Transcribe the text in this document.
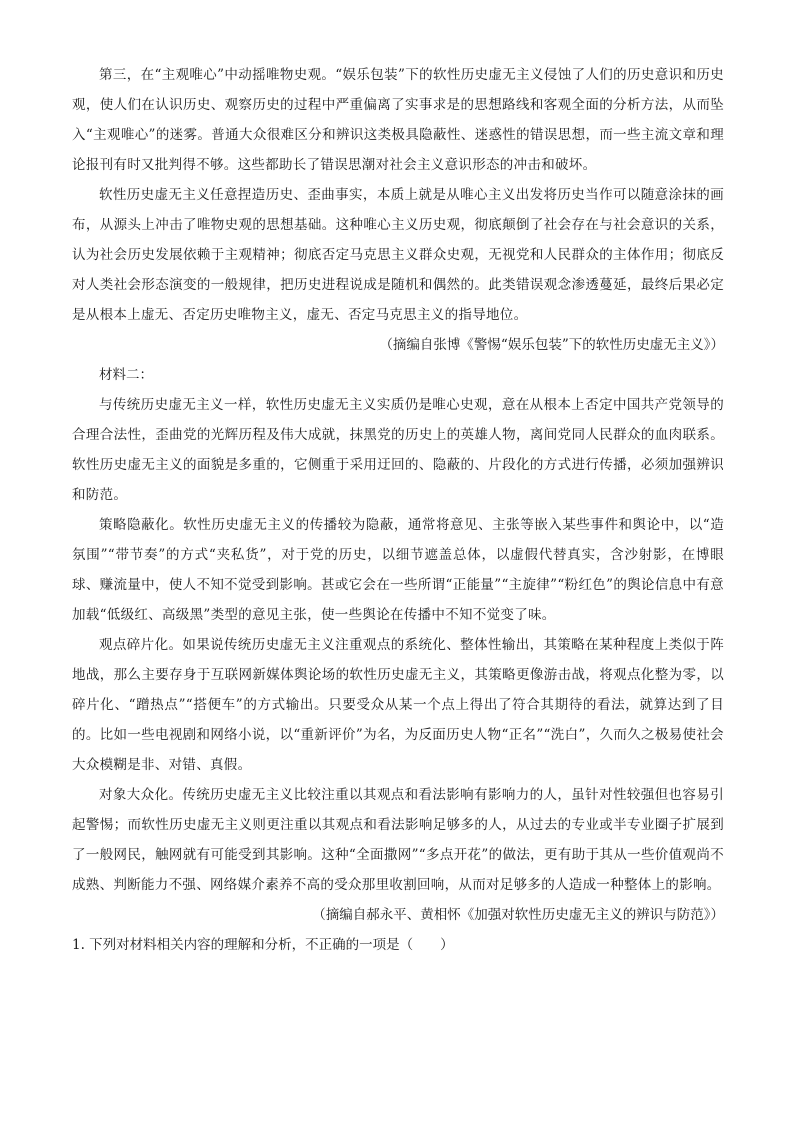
第三，在“主观唯心”中动摇唯物史观。“娱乐包装”下的软性历史虚无主义侵蚀了人们的历史意识和历史观，使人们在认识历史、观察历史的过程中严重偏离了实事求是的思想路线和客观全面的分析方法，从而坠入“主观唯心”的迷雾。普通大众很难区分和辨识这类极具隐蔽性、迷惑性的错误思想，而一些主流文章和理论报刊有时又批判得不够。这些都助长了错误思潮对社会主义意识形态的冲击和破坏。

软性历史虚无主义任意捏造历史、歪曲事实，本质上就是从唯心主义出发将历史当作可以随意涂抹的画布，从源头上冲击了唯物史观的思想基础。这种唯心主义历史观，彻底颠倒了社会存在与社会意识的关系，认为社会历史发展依赖于主观精神；彻底否定马克思主义群众史观，无视党和人民群众的主体作用；彻底反对人类社会形态演变的一般规律，把历史进程说成是随机和偶然的。此类错误观念渗透蔓延，最终后果必定是从根本上虚无、否定历史唯物主义，虚无、否定马克思主义的指导地位。

（摘编自张博《警惕“娱乐包装”下的软性历史虚无主义》）

材料二：

与传统历史虚无主义一样，软性历史虚无主义实质仍是唯心史观，意在从根本上否定中国共产党领导的合理合法性，歪曲党的光辉历程及伟大成就，抹黑党的历史上的英雄人物，离间党同人民群众的血肉联系。软性历史虚无主义的面貌是多重的，它侧重于采用迂回的、隐蔽的、片段化的方式进行传播，必须加强辨识和防范。

策略隐蔽化。软性历史虚无主义的传播较为隐蔽，通常将意见、主张等嵌入某些事件和舆论中，以“造氛围”“带节奏”的方式“夹私货”，对于党的历史，以细节遮盖总体，以虚假代替真实，含沙射影，在博眼球、赚流量中，使人不知不觉受到影响。甚或它会在一些所谓“正能量”“主旋律”“粉红色”的舆论信息中有意加载“低级红、高级黑”类型的意见主张，使一些舆论在传播中不知不觉变了味。

观点碎片化。如果说传统历史虚无主义注重观点的系统化、整体性输出，其策略在某种程度上类似于阵地战，那么主要存身于互联网新媒体舆论场的软性历史虚无主义，其策略更像游击战，将观点化整为零，以碎片化、“蹭热点”“搭便车”的方式输出。只要受众从某一个点上得出了符合其期待的看法，就算达到了目的。比如一些电视剧和网络小说，以“重新评价”为名，为反面历史人物“正名”“洗白”，久而久之极易使社会大众模糊是非、对错、真假。

对象大众化。传统历史虚无主义比较注重以其观点和看法影响有影响力的人，虽针对性较强但也容易引起警惕；而软性历史虚无主义则更注重以其观点和看法影响足够多的人，从过去的专业或半专业圈子扩展到了一般网民，触网就有可能受到其影响。这种“全面撒网”“多点开花”的做法，更有助于其从一些价值观尚不成熟、判断能力不强、网络媒介素养不高的受众那里收割回响，从而对足够多的人造成一种整体上的影响。

（摘编自郝永平、黄相怀《加强对软性历史虚无主义的辨识与防范》）

1. 下列对材料相关内容的理解和分析，不正确的一项是（　　）
